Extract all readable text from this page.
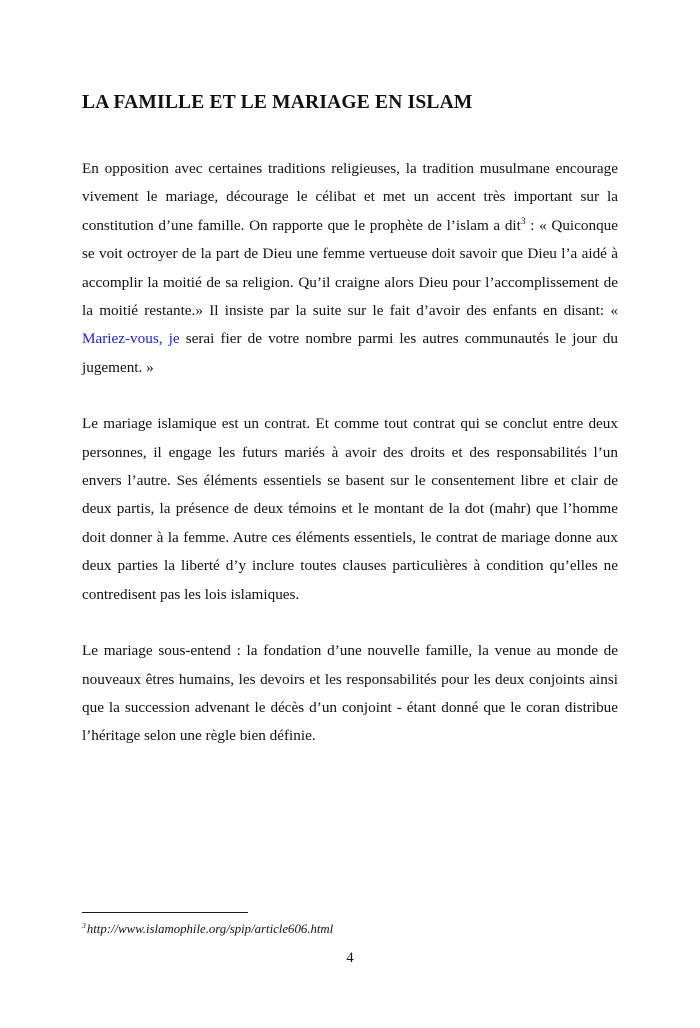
LA FAMILLE ET LE MARIAGE EN ISLAM

En opposition avec certaines traditions religieuses, la tradition musulmane encourage vivement le mariage, décourage le célibat et met un accent très important sur la constitution d’une famille. On rapporte que le prophète de l’islam a dit$^3$ : « Quiconque se voit octroyer de la part de Dieu une femme vertueuse doit savoir que Dieu l’a aidé à accomplir la moitié de sa religion. Qu’il craigne alors Dieu pour l’accomplissement de la moitié restante.» Il insiste par la suite sur le fait d’avoir des enfants en disant: « Mariez-vous, je serai fier de votre nombre parmi les autres communautés le jour du jugement. »

Le mariage islamique est un contrat. Et comme tout contrat qui se conclut entre deux personnes, il engage les futurs mariés à avoir des droits et des responsabilités l’un envers l’autre. Ses éléments essentiels se basent sur le consentement libre et clair de deux partis, la présence de deux témoins et le montant de la dot (mahr) que l’homme doit donner à la femme. Autre ces éléments essentiels, le contrat de mariage donne aux deux parties la liberté d’y inclure toutes clauses particulières à condition qu’elles ne contredisent pas les lois islamiques.

Le mariage sous-entend : la fondation d’une nouvelle famille, la venue au monde de nouveaux êtres humains, les devoirs et les responsabilités pour les deux conjoints ainsi que la succession advenant le décès d’un conjoint - étant donné que le coran distribue l’héritage selon une règle bien définie.

$^3$http://www.islamophile.org/spip/article606.html

4
